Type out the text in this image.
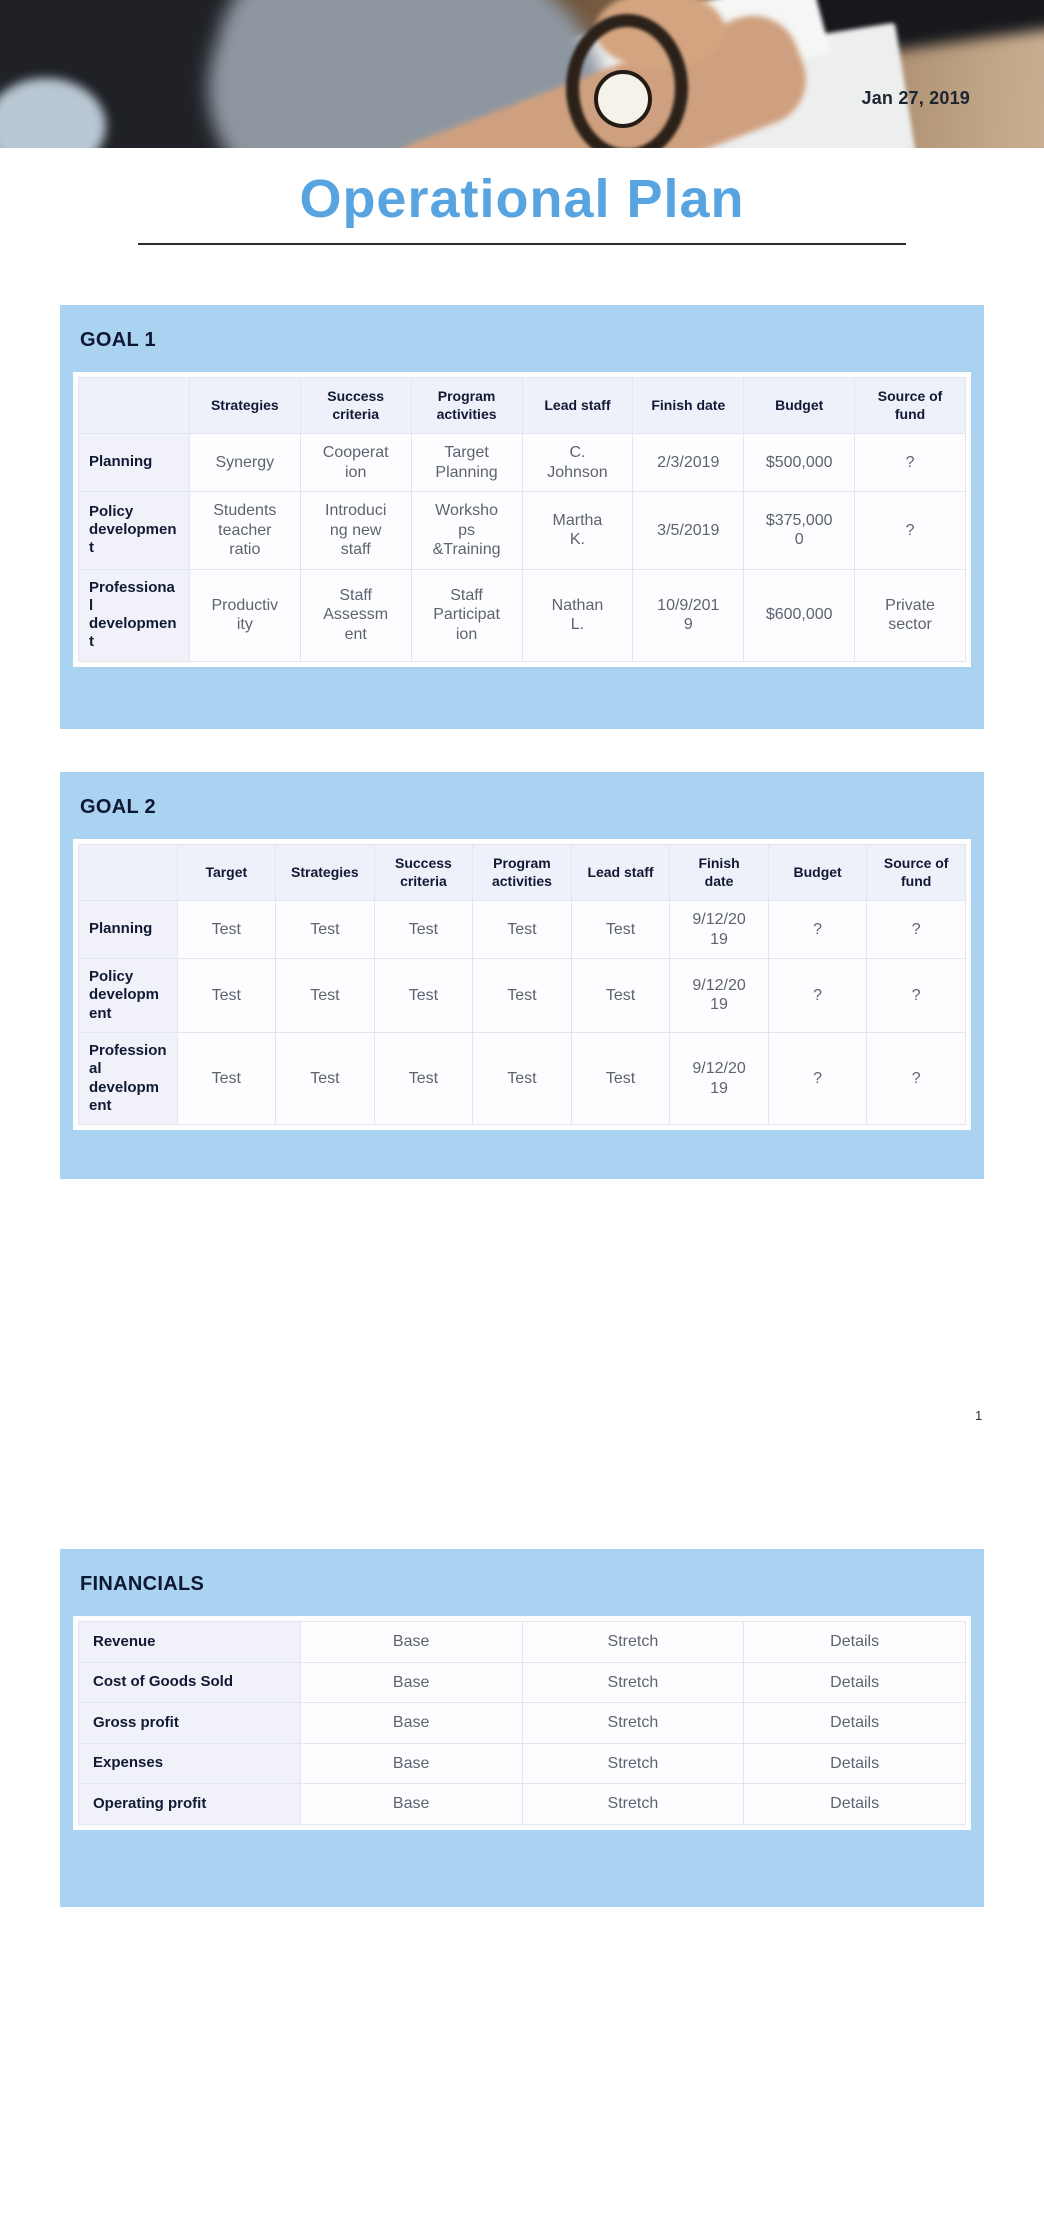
Jan 27, 2019
Operational Plan
GOAL 1
	Strategies	Success criteria	Program activities	Lead staff	Finish date	Budget	Source of fund
Planning	Synergy	Cooperation	Target Planning	C. Johnson	2/3/2019	$500,000	?
Policy development	Students teacher ratio	Introducing new staff	Workshops &Training	Martha K.	3/5/2019	$375,0000	?
Professional development	Productivity	Staff Assessment	Staff Participation	Nathan L.	10/9/2019	$600,000	Private sector
GOAL 2
	Target	Strategies	Success criteria	Program activities	Lead staff	Finish date	Budget	Source of fund
Planning	Test	Test	Test	Test	Test	9/12/2019	?	?
Policy development	Test	Test	Test	Test	Test	9/12/2019	?	?
Professional development	Test	Test	Test	Test	Test	9/12/2019	?	?
1
FINANCIALS
Revenue	Base	Stretch	Details
Cost of Goods Sold	Base	Stretch	Details
Gross profit	Base	Stretch	Details
Expenses	Base	Stretch	Details
Operating profit	Base	Stretch	Details
